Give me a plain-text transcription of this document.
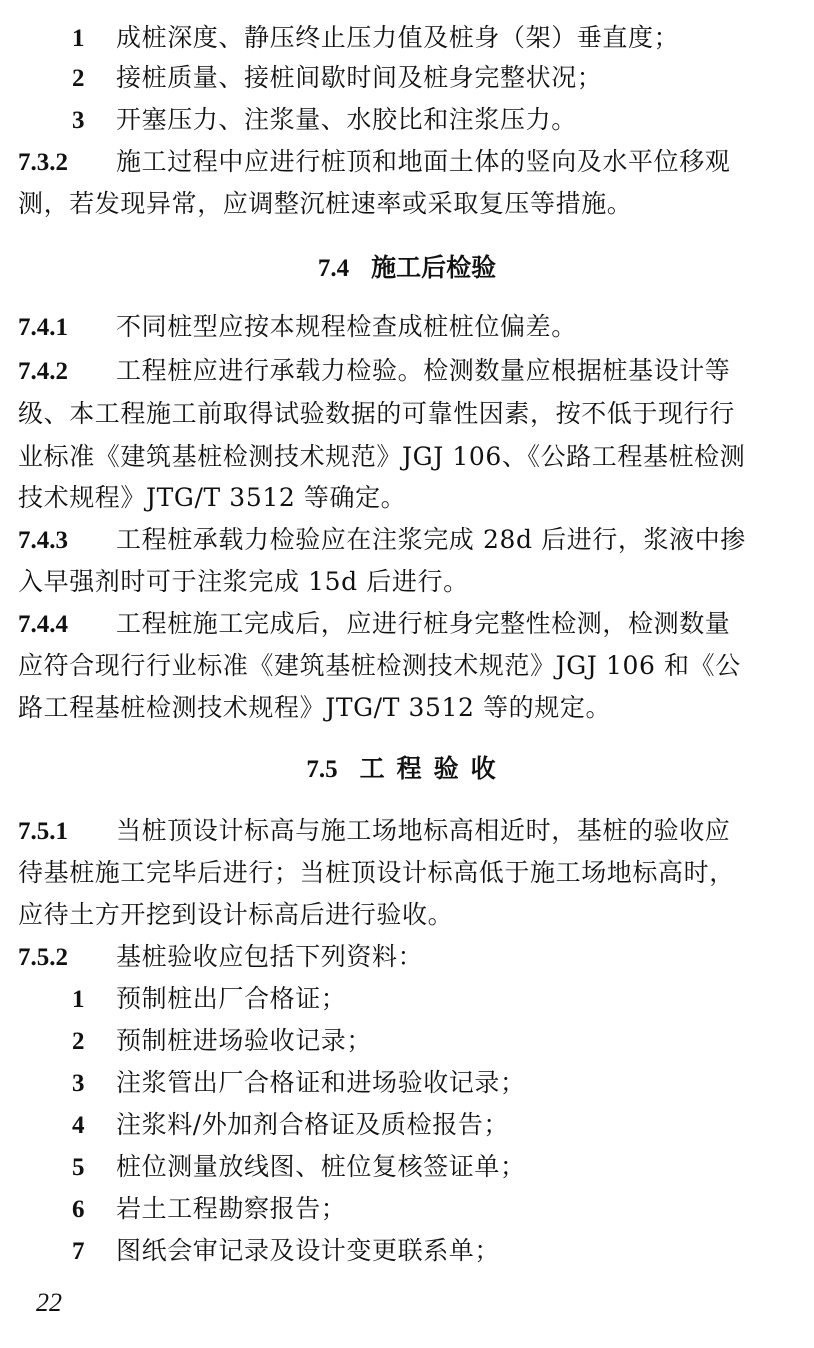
1 成桩深度、静压终止压力值及桩身（架）垂直度；
2 接桩质量、接桩间歇时间及桩身完整状况；
3 开塞压力、注浆量、水胶比和注浆压力。
7.3.2 施工过程中应进行桩顶和地面土体的竖向及水平位移观
测，若发现异常，应调整沉桩速率或采取复压等措施。
7.4 施工后检验
7.4.1 不同桩型应按本规程检查成桩桩位偏差。
7.4.2 工程桩应进行承载力检验。检测数量应根据桩基设计等
级、本工程施工前取得试验数据的可靠性因素，按不低于现行行
业标准《建筑基桩检测技术规范》JGJ 106、《公路工程基桩检测
技术规程》JTG/T 3512 等确定。
7.4.3 工程桩承载力检验应在注浆完成 28d 后进行，浆液中掺
入早强剂时可于注浆完成 15d 后进行。
7.4.4 工程桩施工完成后，应进行桩身完整性检测，检测数量
应符合现行行业标准《建筑基桩检测技术规范》JGJ 106 和《公
路工程基桩检测技术规程》JTG/T 3512 等的规定。
7.5 工程验收
7.5.1 当桩顶设计标高与施工场地标高相近时，基桩的验收应
待基桩施工完毕后进行；当桩顶设计标高低于施工场地标高时，
应待土方开挖到设计标高后进行验收。
7.5.2 基桩验收应包括下列资料：
1 预制桩出厂合格证；
2 预制桩进场验收记录；
3 注浆管出厂合格证和进场验收记录；
4 注浆料/外加剂合格证及质检报告；
5 桩位测量放线图、桩位复核签证单；
6 岩土工程勘察报告；
7 图纸会审记录及设计变更联系单；
22
